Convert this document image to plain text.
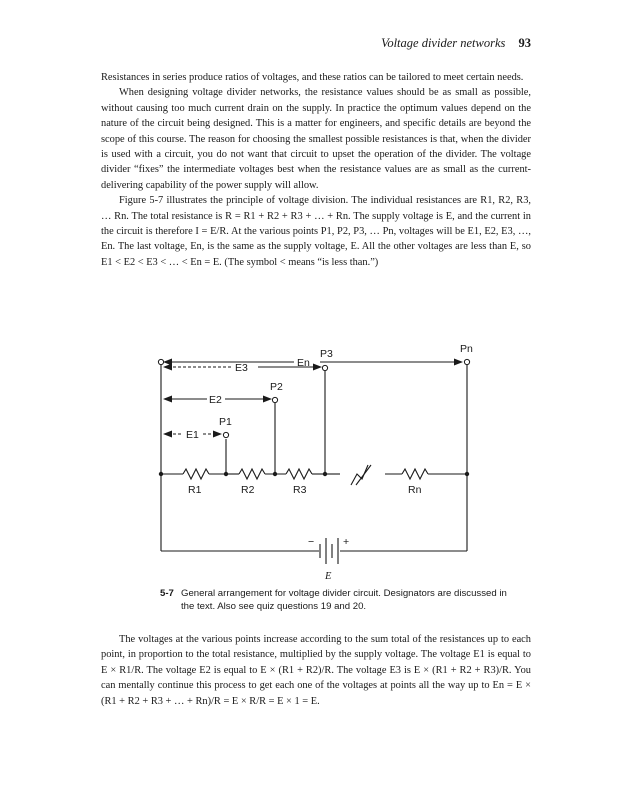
Voltage divider networks 93

Resistances in series produce ratios of voltages, and these ratios can be tailored to meet certain needs.

When designing voltage divider networks, the resistance values should be as small as possible, without causing too much current drain on the supply. In practice the optimum values depend on the nature of the circuit being designed. This is a matter for engineers, and specific details are beyond the scope of this course. The reason for choosing the smallest possible resistances is that, when the divider is used with a circuit, you do not want that circuit to upset the operation of the divider. The voltage divider “fixes” the intermediate voltages best when the resistance values are as small as the current-delivering capability of the power supply will allow.

Figure 5-7 illustrates the principle of voltage division. The individual resistances are R1, R2, R3, … Rn. The total resistance is R = R1 + R2 + R3 + … + Rn. The supply voltage is E, and the current in the circuit is therefore I = E/R. At the various points P1, P2, P3, … Pn, voltages will be E1, E2, E3, …, En. The last voltage, En, is the same as the supply voltage, E. All the other voltages are less than E, so E1 < E2 < E3 < … < En = E. (The symbol < means “is less than.”)

Pn
En
P3
E3
P2
E2
P1
E1
R1	R2	R3	Rn
−	+
E
5-7 General arrangement for voltage divider circuit. Designators are discussed in the text. Also see quiz questions 19 and 20.

The voltages at the various points increase according to the sum total of the resistances up to each point, in proportion to the total resistance, multiplied by the supply voltage. The voltage E1 is equal to E × R1/R. The voltage E2 is equal to E × (R1 + R2)/R. The voltage E3 is E × (R1 + R2 + R3)/R. You can mentally continue this process to get each one of the voltages at points all the way up to En = E × (R1 + R2 + R3 + … + Rn)/R = E × R/R = E × 1 = E.
